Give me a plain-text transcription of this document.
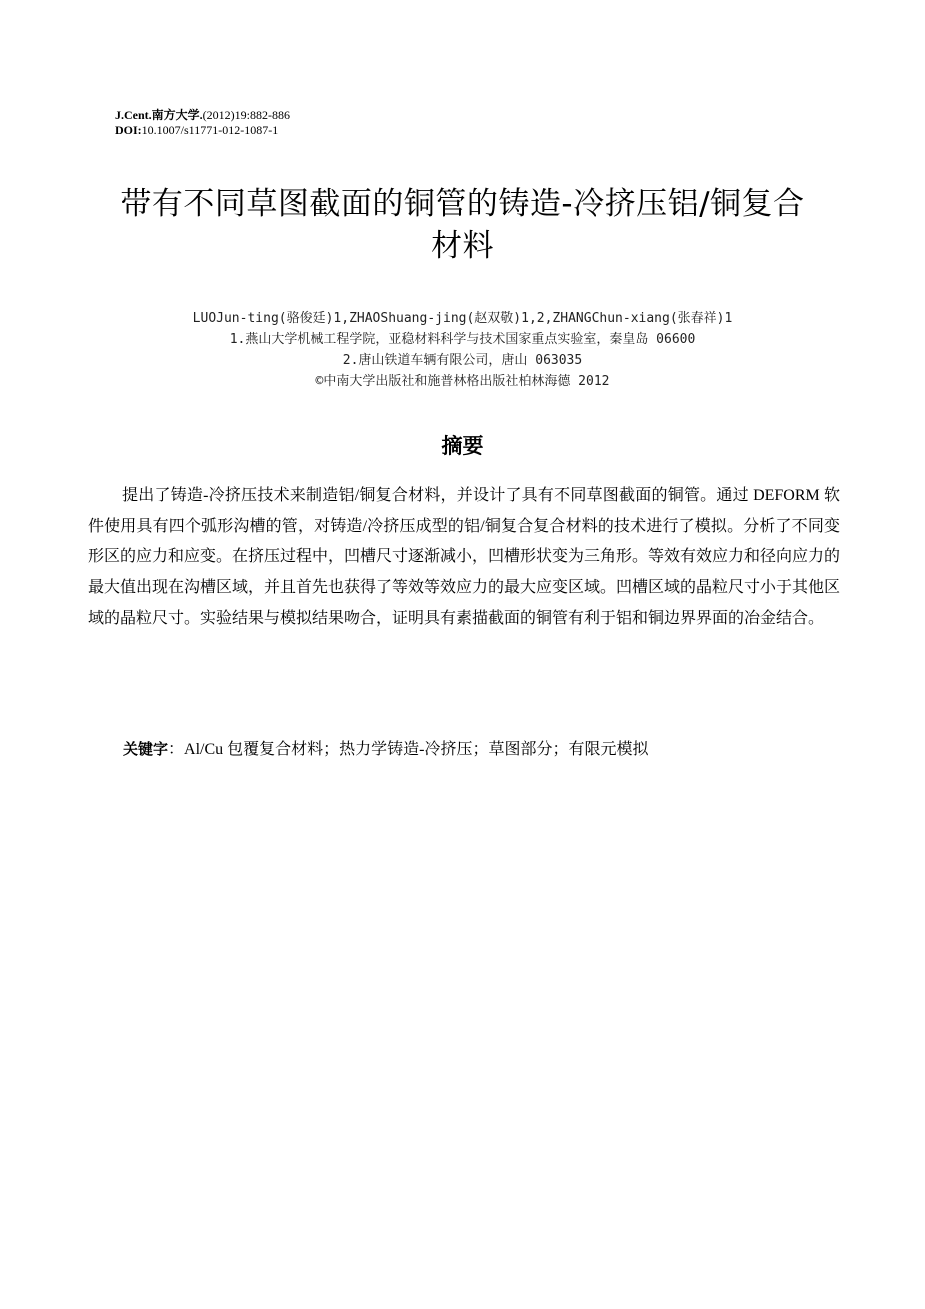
J.Cent.南方大学.(2012)19:882-886
DOI:10.1007/s11771-012-1087-1
带有不同草图截面的铜管的铸造-冷挤压铝/铜复合
材料
LUOJun-ting(骆俊廷)1,ZHAOShuang-jing(赵双敬)1,2,ZHANGChun-xiang(张春祥)1
1.燕山大学机械工程学院，亚稳材料科学与技术国家重点实验室，秦皇岛 06600
2.唐山铁道车辆有限公司，唐山 063035
©中南大学出版社和施普林格出版社柏林海德 2012
摘要
提出了铸造-冷挤压技术来制造铝/铜复合材料，并设计了具有不同草图截面的铜管。通过 DEFORM 软件使用具有四个弧形沟槽的管，对铸造/冷挤压成型的铝/铜复合复合材料的技术进行了模拟。分析了不同变形区的应力和应变。在挤压过程中，凹槽尺寸逐渐减小，凹槽形状变为三角形。等效有效应力和径向应力的最大值出现在沟槽区域，并且首先也获得了等效等效应力的最大应变区域。凹槽区域的晶粒尺寸小于其他区域的晶粒尺寸。实验结果与模拟结果吻合，证明具有素描截面的铜管有利于铝和铜边界界面的冶金结合。
关键字：Al/Cu 包覆复合材料；热力学铸造-冷挤压；草图部分；有限元模拟
